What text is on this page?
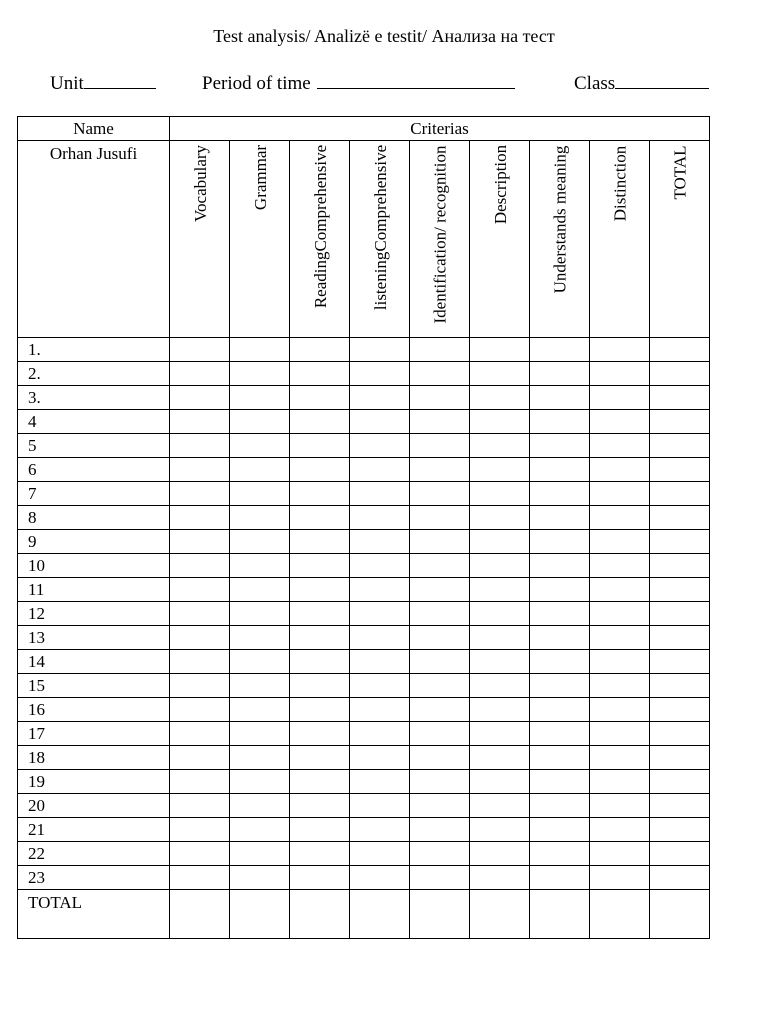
Test analysis/ Analizë e testit/ Анализа на тест
Unit	Period of time	Class
Name	Criterias								
Orhan Jusufi	Vocabulary	Grammar	ReadingComprehensive	listeningComprehensive	Identification/ recognition	Description	Understands meaning	Distinction	TOTAL

1.									
2.									
3.									
4									
5									
6									
7									
8									
9									
10									
11									
12									
13									
14									
15									
16									
17									
18									
19									
20									
21									
22									
23									
TOTAL									
